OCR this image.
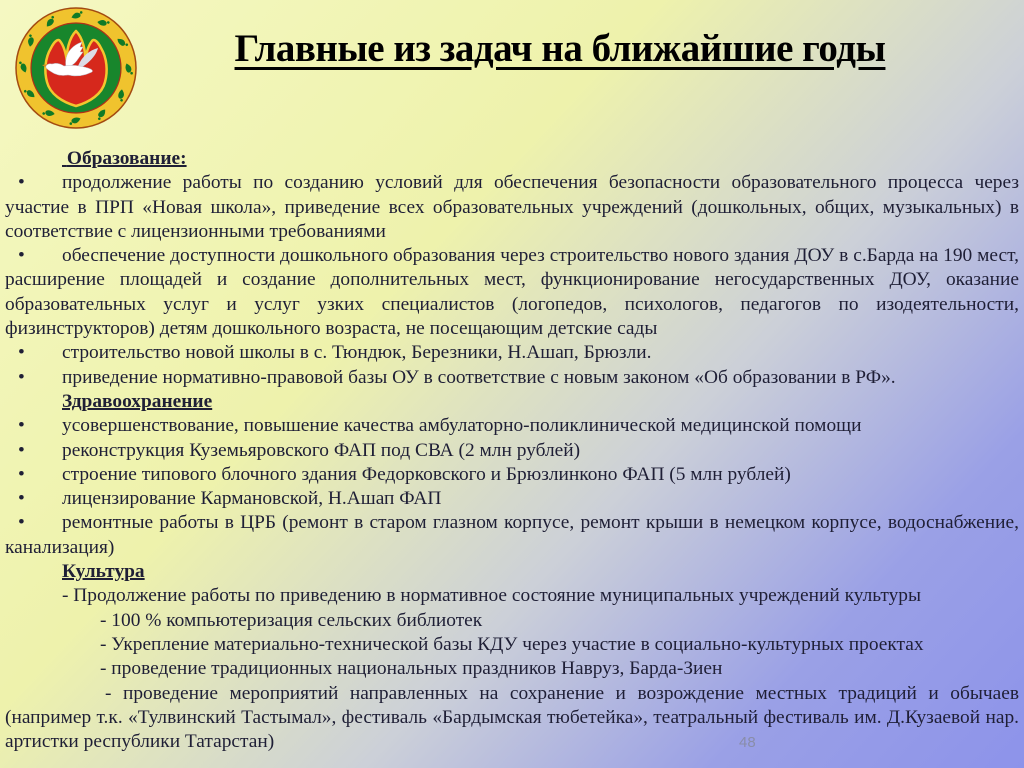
Главные из задач на ближайшие годы

Образование:

• продолжение работы по созданию условий для обеспечения безопасности образовательного процесса через участие в ПРП «Новая школа», приведение всех образовательных учреждений (дошкольных, общих, музыкальных) в соответствие с лицензионными требованиями

• обеспечение доступности дошкольного образования через строительство нового здания ДОУ в с.Барда на 190 мест, расширение площадей и создание дополнительных мест, функционирование негосударственных ДОУ, оказание образовательных услуг и услуг узких специалистов (логопедов, психологов, педагогов по изодеятельности, физинструкторов) детям дошкольного возраста, не посещающим детские сады

• строительство новой школы в с. Тюндюк, Березники, Н.Ашап, Брюзли.

• приведение нормативно-правовой базы ОУ в соответствие с новым законом «Об образовании в РФ».

Здравоохранение

• усовершенствование, повышение качества амбулаторно-поликлинической медицинской помощи

• реконструкция Куземьяровского ФАП под СВА (2 млн рублей)

• строение типового блочного здания Федорковского и Брюзлинконо ФАП (5 млн рублей)

• лицензирование Кармановской, Н.Ашап ФАП

• ремонтные работы в ЦРБ (ремонт в старом глазном корпусе, ремонт крыши в немецком корпусе, водоснабжение, канализация)

Культура

- Продолжение работы по приведению в нормативное состояние муниципальных учреждений культуры

- 100 % компьютеризация сельских библиотек

- Укрепление материально-технической базы КДУ через участие в социально-культурных проектах

- проведение традиционных национальных праздников Навруз, Барда-Зиен

- проведение мероприятий направленных на сохранение и возрождение местных традиций и обычаев (например т.к. «Тулвинский Тастымал», фестиваль «Бардымская тюбетейка», театральный фестиваль им. Д.Кузаевой нар. артистки республики Татарстан)	48
